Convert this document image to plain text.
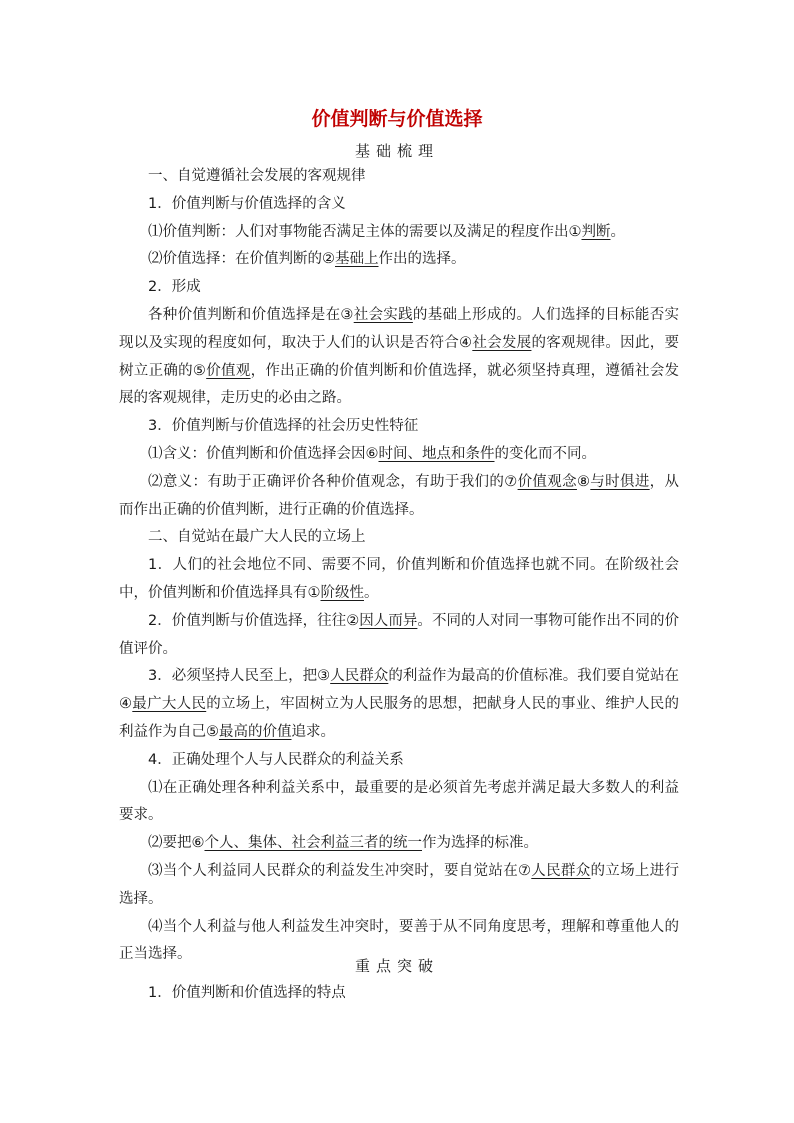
价值判断与价值选择
基础梳理

一、自觉遵循社会发展的客观规律

1．价值判断与价值选择的含义

⑴价值判断：人们对事物能否满足主体的需要以及满足的程度作出①判断。

⑵价值选择：在价值判断的②基础上作出的选择。

2．形成

各种价值判断和价值选择是在③社会实践的基础上形成的。人们选择的目标能否实现以及实现的程度如何，取决于人们的认识是否符合④社会发展的客观规律。因此，要树立正确的⑤价值观，作出正确的价值判断和价值选择，就必须坚持真理，遵循社会发展的客观规律，走历史的必由之路。

3．价值判断与价值选择的社会历史性特征

⑴含义：价值判断和价值选择会因⑥时间、地点和条件的变化而不同。

⑵意义：有助于正确评价各种价值观念，有助于我们的⑦价值观念⑧与时俱进，从而作出正确的价值判断，进行正确的价值选择。

二、自觉站在最广大人民的立场上

1．人们的社会地位不同、需要不同，价值判断和价值选择也就不同。在阶级社会中，价值判断和价值选择具有①阶级性。

2．价值判断与价值选择，往往②因人而异。不同的人对同一事物可能作出不同的价值评价。

3．必须坚持人民至上，把③人民群众的利益作为最高的价值标准。我们要自觉站在④最广大人民的立场上，牢固树立为人民服务的思想，把献身人民的事业、维护人民的利益作为自己⑤最高的价值追求。

4．正确处理个人与人民群众的利益关系

⑴在正确处理各种利益关系中，最重要的是必须首先考虑并满足最大多数人的利益要求。

⑵要把⑥个人、集体、社会利益三者的统一作为选择的标准。

⑶当个人利益同人民群众的利益发生冲突时，要自觉站在⑦人民群众的立场上进行选择。

⑷当个人利益与他人利益发生冲突时，要善于从不同角度思考，理解和尊重他人的正当选择。

重点突破

1．价值判断和价值选择的特点
